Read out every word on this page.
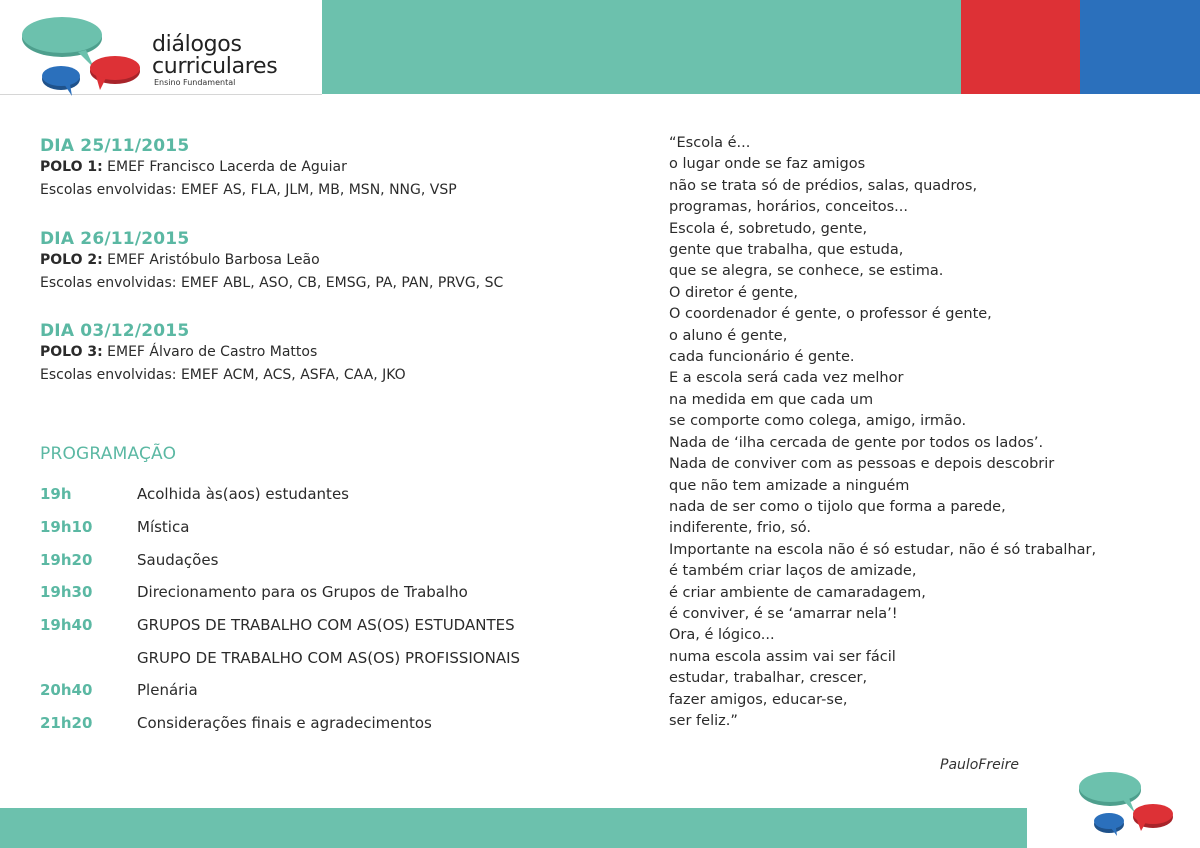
diálogos
curriculares
Ensino Fundamental
DIA 25/11/2015
POLO 1: EMEF Francisco Lacerda de Aguiar
Escolas envolvidas: EMEF AS, FLA, JLM, MB, MSN, NNG, VSP
DIA 26/11/2015
POLO 2: EMEF Aristóbulo Barbosa Leão
Escolas envolvidas: EMEF ABL, ASO, CB, EMSG, PA, PAN, PRVG, SC
DIA 03/12/2015
POLO 3: EMEF Álvaro de Castro Mattos
Escolas envolvidas: EMEF ACM, ACS, ASFA, CAA, JKO
PROGRAMAÇÃO
19h	Acolhida às(aos) estudantes
19h10	Mística
19h20	Saudações
19h30	Direcionamento para os Grupos de Trabalho
19h40	GRUPOS DE TRABALHO COM AS(OS) ESTUDANTES
GRUPO DE TRABALHO COM AS(OS) PROFISSIONAIS
20h40	Plenária
21h20	Considerações finais e agradecimentos
“Escola é...
o lugar onde se faz amigos
não se trata só de prédios, salas, quadros,
programas, horários, conceitos...
Escola é, sobretudo, gente,
gente que trabalha, que estuda,
que se alegra, se conhece, se estima.
O diretor é gente,
O coordenador é gente, o professor é gente,
o aluno é gente,
cada funcionário é gente.
E a escola será cada vez melhor
na medida em que cada um
se comporte como colega, amigo, irmão.
Nada de ‘ilha cercada de gente por todos os lados’.
Nada de conviver com as pessoas e depois descobrir
que não tem amizade a ninguém
nada de ser como o tijolo que forma a parede,
indiferente, frio, só.
Importante na escola não é só estudar, não é só trabalhar,
é também criar laços de amizade,
é criar ambiente de camaradagem,
é conviver, é se ‘amarrar nela’!
Ora, é lógico...
numa escola assim vai ser fácil
estudar, trabalhar, crescer,
fazer amigos, educar-se,
ser feliz.”
PauloFreire
